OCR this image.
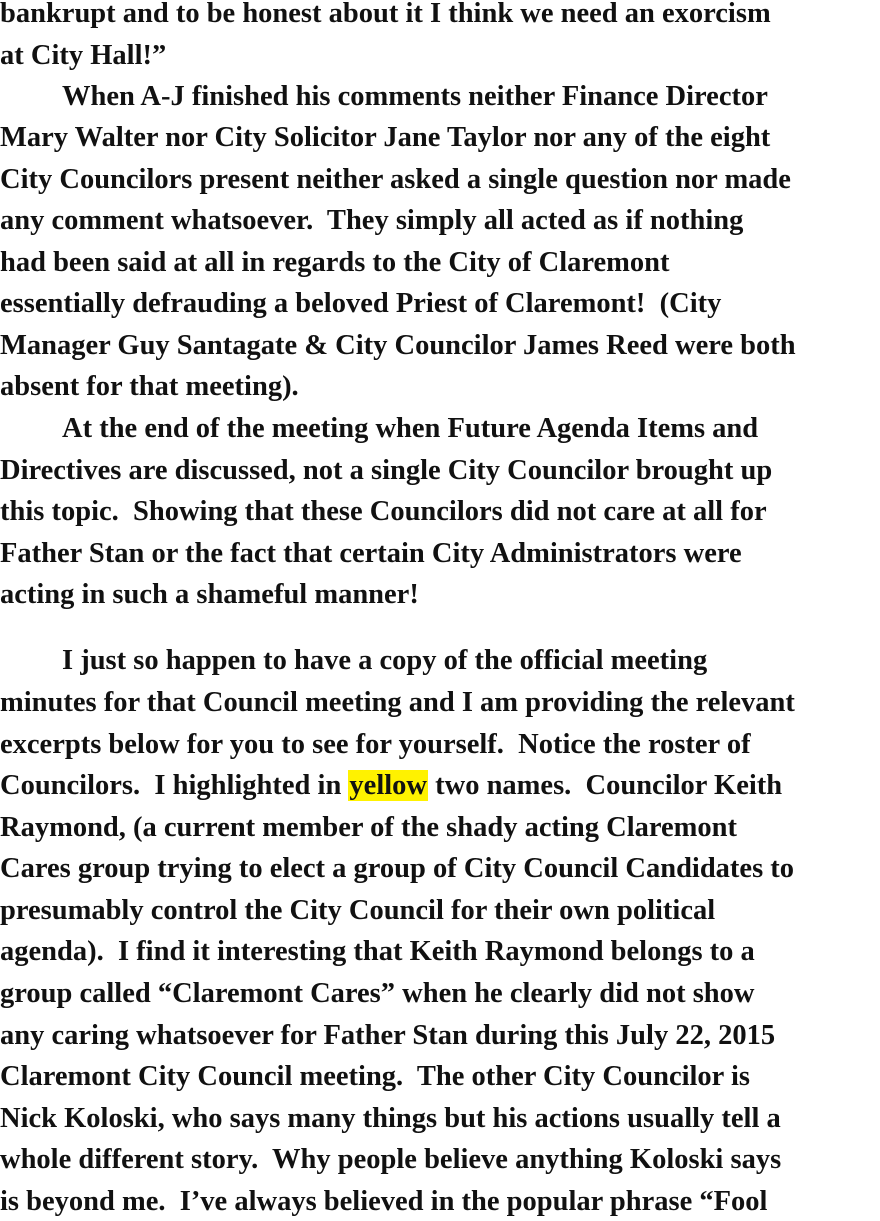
bankrupt and to be honest about it I think we need an exorcism
at City Hall!”
When A-J finished his comments neither Finance Director
Mary Walter nor City Solicitor Jane Taylor nor any of the eight
City Councilors present neither asked a single question nor made
any comment whatsoever.  They simply all acted as if nothing
had been said at all in regards to the City of Claremont
essentially defrauding a beloved Priest of Claremont!  (City
Manager Guy Santagate & City Councilor James Reed were both
absent for that meeting).
At the end of the meeting when Future Agenda Items and
Directives are discussed, not a single City Councilor brought up
this topic.  Showing that these Councilors did not care at all for
Father Stan or the fact that certain City Administrators were
acting in such a shameful manner!
I just so happen to have a copy of the official meeting
minutes for that Council meeting and I am providing the relevant
excerpts below for you to see for yourself.  Notice the roster of
Councilors.  I highlighted in yellow two names.  Councilor Keith
Raymond, (a current member of the shady acting Claremont
Cares group trying to elect a group of City Council Candidates to
presumably control the City Council for their own political
agenda).  I find it interesting that Keith Raymond belongs to a
group called “Claremont Cares” when he clearly did not show
any caring whatsoever for Father Stan during this July 22, 2015
Claremont City Council meeting.  The other City Councilor is
Nick Koloski, who says many things but his actions usually tell a
whole different story.  Why people believe anything Koloski says
is beyond me.  I’ve always believed in the popular phrase “Fool
